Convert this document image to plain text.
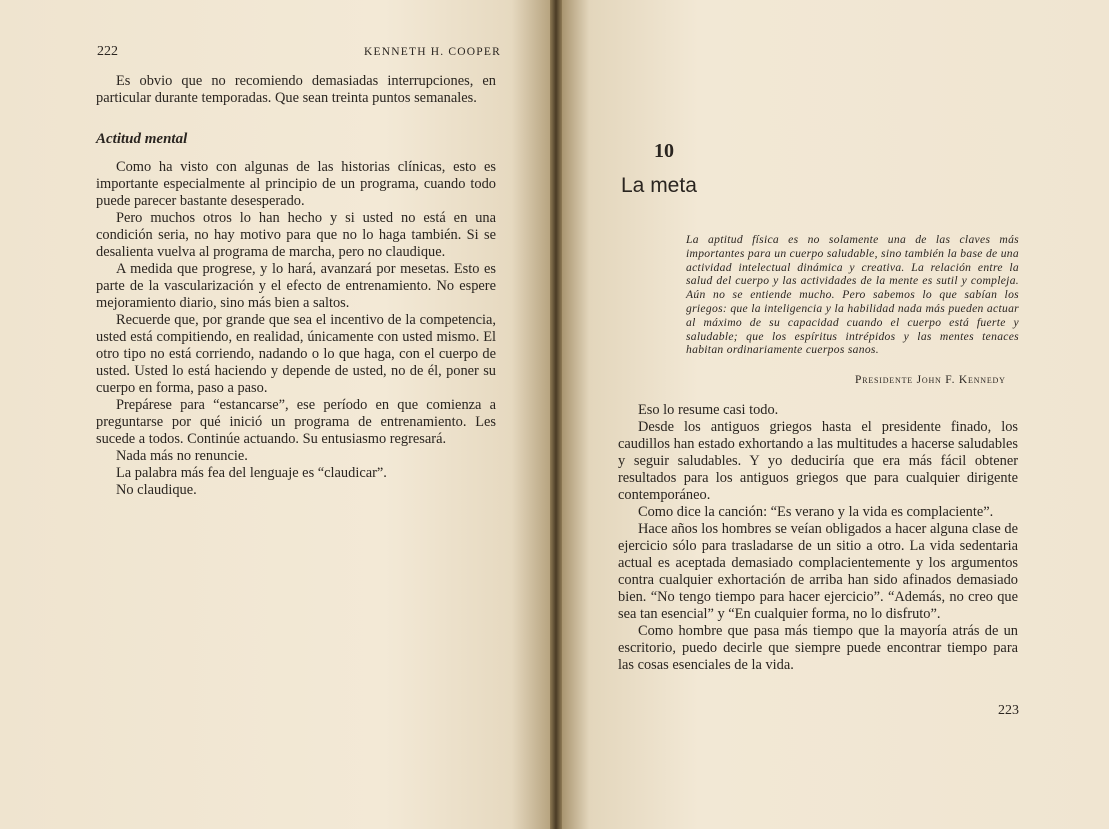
222	KENNETH H. COOPER

Es obvio que no recomiendo demasiadas interrupciones, en particular durante temporadas. Que sean treinta puntos semanales.

Actitud mental

Como ha visto con algunas de las historias clínicas, esto es importante especialmente al principio de un programa, cuando todo puede parecer bastante desesperado.

Pero muchos otros lo han hecho y si usted no está en una condición seria, no hay motivo para que no lo haga también. Si se desalienta vuelva al programa de marcha, pero no claudique.

A medida que progrese, y lo hará, avanzará por mesetas. Esto es parte de la vascularización y el efecto de entrenamiento. No espere mejoramiento diario, sino más bien a saltos.

Recuerde que, por grande que sea el incentivo de la competencia, usted está compitiendo, en realidad, únicamente con usted mismo. El otro tipo no está corriendo, nadando o lo que haga, con el cuerpo de usted. Usted lo está haciendo y depende de usted, no de él, poner su cuerpo en forma, paso a paso.

Prepárese para “estancarse”, ese período en que comienza a preguntarse por qué inició un programa de entrenamiento. Les sucede a todos. Continúe actuando. Su entusiasmo regresará.

Nada más no renuncie.

La palabra más fea del lenguaje es “claudicar”.

No claudique.

10
La meta
La aptitud física es no solamente una de las claves más importantes para un cuerpo saludable, sino también la base de una actividad intelectual dinámica y creativa. La relación entre la salud del cuerpo y las actividades de la mente es sutil y compleja. Aún no se entiende mucho. Pero sabemos lo que sabían los griegos: que la inteligencia y la habilidad nada más pueden actuar al máximo de su capacidad cuando el cuerpo está fuerte y saludable; que los espíritus intrépidos y las mentes tenaces habitan ordinariamente cuerpos sanos.
Presidente John F. Kennedy

Eso lo resume casi todo.

Desde los antiguos griegos hasta el presidente finado, los caudillos han estado exhortando a las multitudes a hacerse saludables y seguir saludables. Y yo deduciría que era más fácil obtener resultados para los antiguos griegos que para cualquier dirigente contemporáneo.

Como dice la canción: “Es verano y la vida es complaciente”.

Hace años los hombres se veían obligados a hacer alguna clase de ejercicio sólo para trasladarse de un sitio a otro. La vida sedentaria actual es aceptada demasiado complacientemente y los argumentos contra cualquier exhortación de arriba han sido afinados demasiado bien. “No tengo tiempo para hacer ejercicio”. “Además, no creo que sea tan esencial” y “En cualquier forma, no lo disfruto”.

Como hombre que pasa más tiempo que la mayoría atrás de un escritorio, puedo decirle que siempre puede encontrar tiempo para las cosas esenciales de la vida.

223
